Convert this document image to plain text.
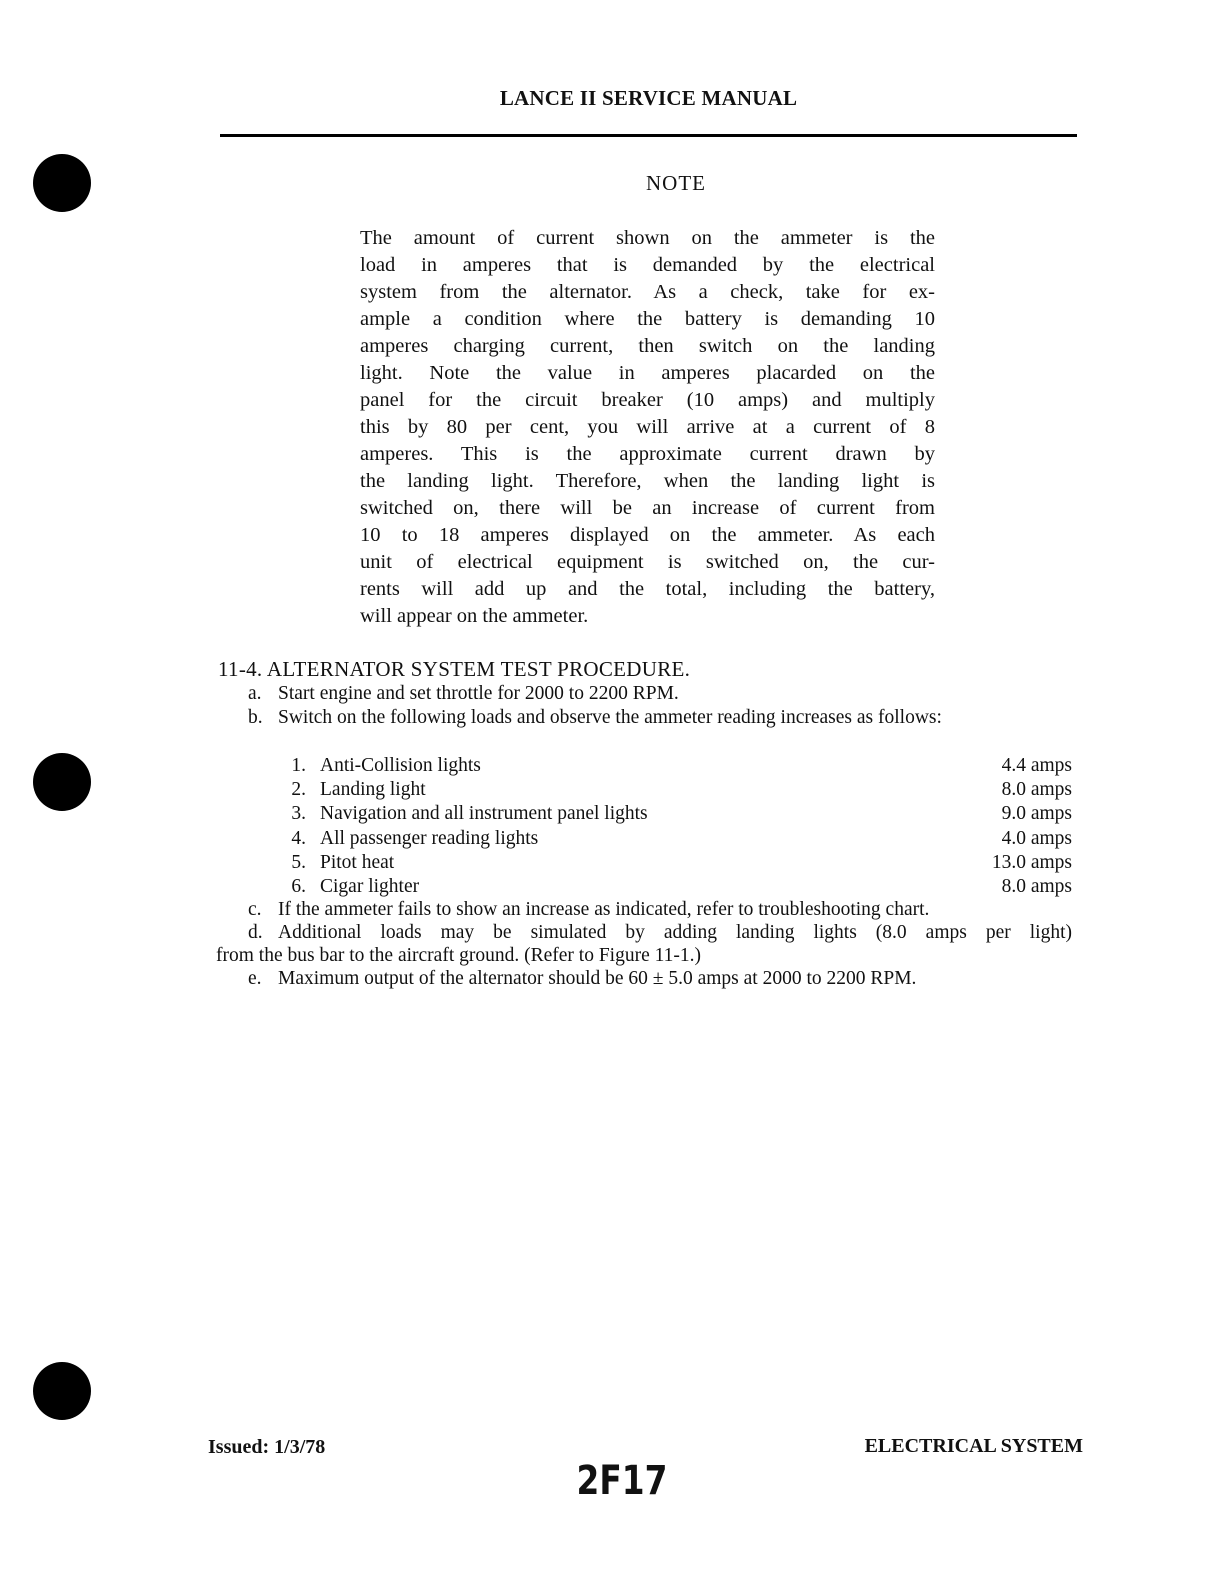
LANCE II SERVICE MANUAL
NOTE
The amount of current shown on the ammeter is the
load in amperes that is demanded by the electrical
system from the alternator. As a check, take for ex-
ample a condition where the battery is demanding 10
amperes charging current, then switch on the landing
light. Note the value in amperes placarded on the
panel for the circuit breaker (10 amps) and multiply
this by 80 per cent, you will arrive at a current of 8
amperes. This is the approximate current drawn by
the landing light. Therefore, when the landing light is
switched on, there will be an increase of current from
10 to 18 amperes displayed on the ammeter. As each
unit of electrical equipment is switched on, the cur-
rents will add up and the total, including the battery,
will appear on the ammeter.
11-4. ALTERNATOR SYSTEM TEST PROCEDURE.
a. Start engine and set throttle for 2000 to 2200 RPM.
b. Switch on the following loads and observe the ammeter reading increases as follows:
1. Anti-Collision lights	4.4 amps
2. Landing light	8.0 amps
3. Navigation and all instrument panel lights	9.0 amps
4. All passenger reading lights	4.0 amps
5. Pitot heat	13.0 amps
6. Cigar lighter	8.0 amps
c. If the ammeter fails to show an increase as indicated, refer to troubleshooting chart.
d. Additional loads may be simulated by adding landing lights (8.0 amps per light)
from the bus bar to the aircraft ground. (Refer to Figure 11-1.)
e. Maximum output of the alternator should be 60 ± 5.0 amps at 2000 to 2200 RPM.
Issued: 1/3/78	ELECTRICAL SYSTEM
2F17
